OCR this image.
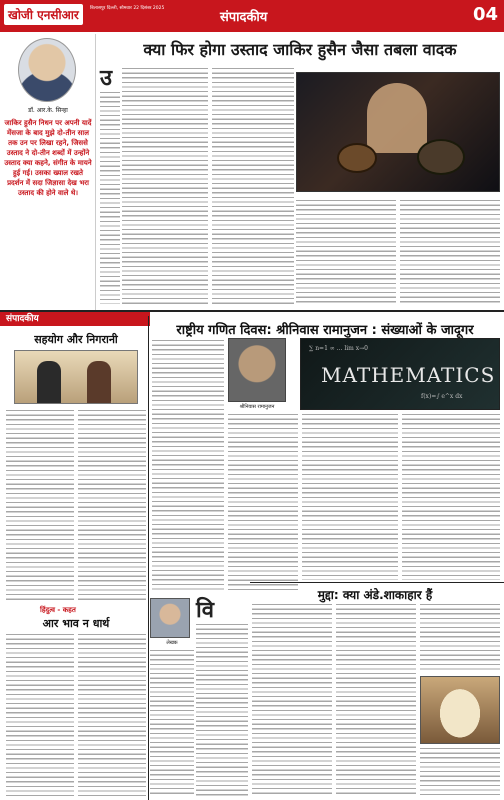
खोजी एनसीआर	बिलासपुर दिल्ली, सोमवार 22 दिसंबर 2025
संपादकीय	04
डॉ. आर.के. सिन्हा
जाकिर हुसैन निधन पर अपनी यादें मेंसजा के बाद मुझे दो-तीन साल तक उन पर लिखा रहने, जिससे उस्ताद ने दो-तीन शब्दों में उन्होंने उस्ताद क्या कहने, संगीत के मायने हुई गई। उसका ख्याल रखते प्रदर्शन में सदा जिज्ञासा देख भरा उस्ताद की होने वाले थे।
क्या फिर होगा उस्ताद जाकिर हुसैन जैसा तबला वादक
उ
संपादकीय
सहयोग और निगरानी
हिंदुत्व - कहत
आर भाव न धार्थ
राष्ट्रीय गणित दिवस: श्रीनिवास रामानुजन : संख्याओं के जादूगर
श्रीनिवास रामानुजन
∑ n=1 ∞ ... lim x→0
MATHEMATICS
f(x)=∫ e^x dx
लेखक
वि
मुद्दा: क्या अंडे.शाकाहार हैं
